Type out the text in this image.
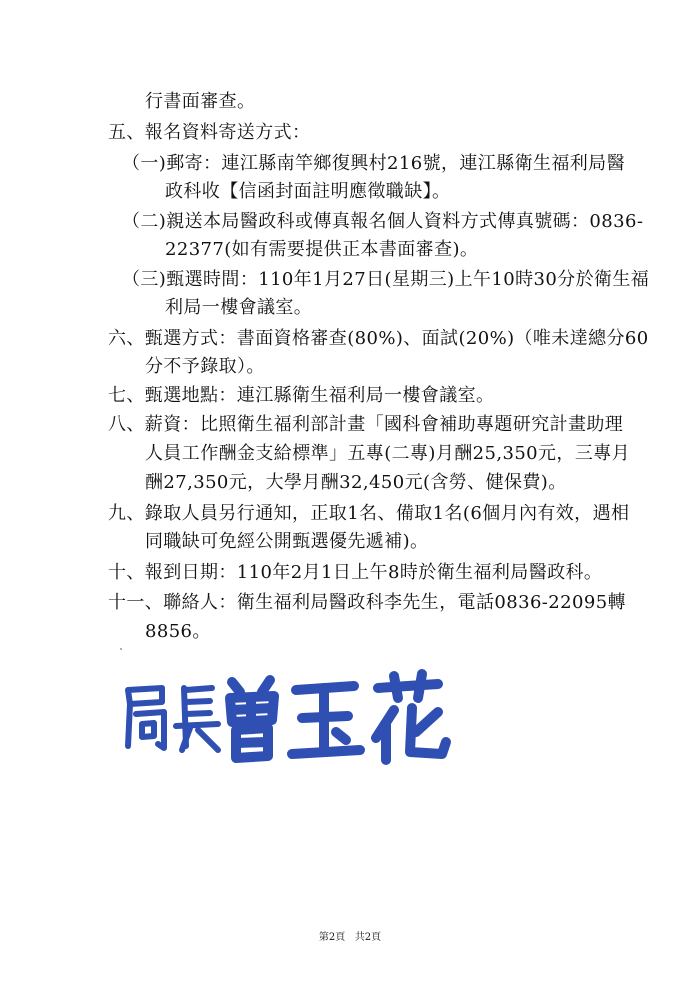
行書面審查。
五、報名資料寄送方式：
（一)郵寄：連江縣南竿鄉復興村216號，連江縣衛生福利局醫
政科收【信函封面註明應徵職缺】。
（二)親送本局醫政科或傳真報名個人資料方式傳真號碼：0836-
22377(如有需要提供正本書面審查)。
（三)甄選時間：110年1月27日(星期三)上午10時30分於衛生福
利局一樓會議室。
六、甄選方式：書面資格審查(80%)、面試(20%)（唯未達總分60
分不予錄取）。
七、甄選地點：連江縣衛生福利局一樓會議室。
八、薪資：比照衛生福利部計畫「國科會補助專題研究計畫助理
人員工作酬金支給標準」五專(二專)月酬25,350元，三專月
酬27,350元，大學月酬32,450元(含勞、健保費)。
九、錄取人員另行通知，正取1名、備取1名(6個月內有效，遇相
同職缺可免經公開甄選優先遞補)。
十、報到日期：110年2月1日上午8時於衛生福利局醫政科。
十一、聯絡人：衛生福利局醫政科李先生，電話0836-22095轉
8856。
第2頁   共2頁
